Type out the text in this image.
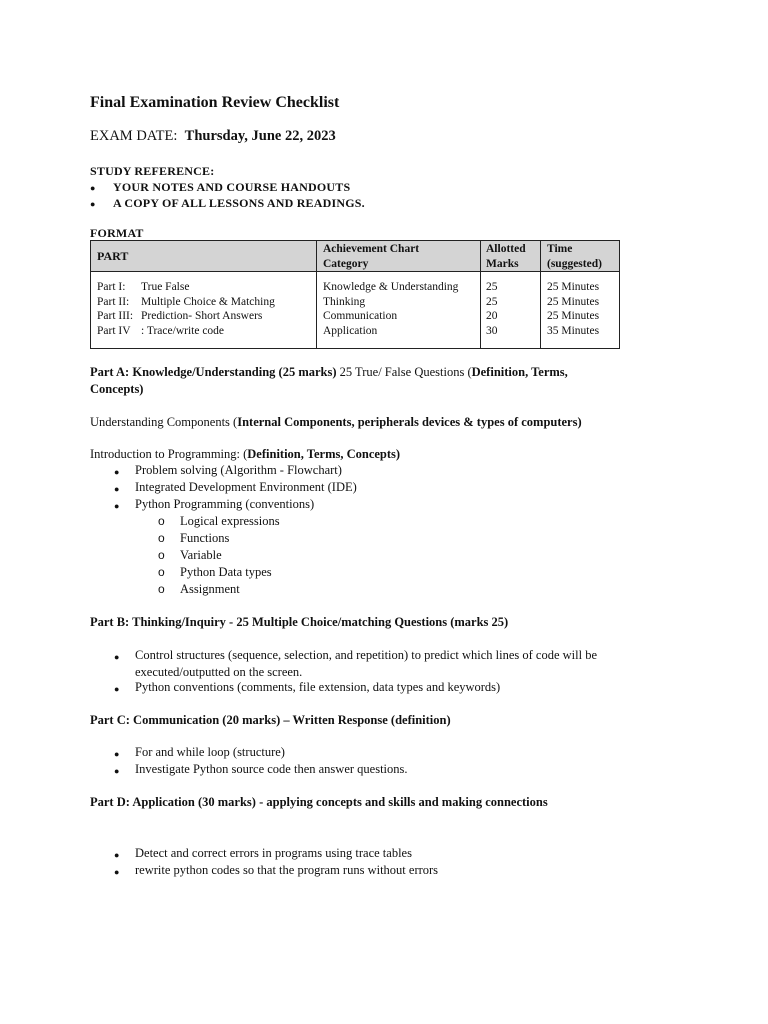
Final Examination Review Checklist
EXAM DATE: Thursday, June 22, 2023
STUDY REFERENCE:
● YOUR NOTES AND COURSE HANDOUTS
● A COPY OF ALL LESSONS AND READINGS.
FORMAT
PART	Achievement Chart
Category
Allotted
Marks
Time
(suggested)
Part I: True False
Part II: Multiple Choice & Matching
Part III: Prediction- Short Answers
Part IV : Trace/write code
Knowledge & Understanding
Thinking
Communication
Application
25
25
20
30
25 Minutes
25 Minutes
25 Minutes
35 Minutes
Part A: Knowledge/Understanding (25 marks) 25 True/ False Questions (Definition, Terms,
Concepts)
Understanding Components (Internal Components, peripherals devices & types of computers)
Introduction to Programming: (Definition, Terms, Concepts)
● Problem solving (Algorithm - Flowchart)
● Integrated Development Environment (IDE)
● Python Programming (conventions)
o Logical expressions
o Functions
o Variable
o Python Data types
o Assignment
Part B: Thinking/Inquiry - 25 Multiple Choice/matching Questions (marks 25)
● Control structures (sequence, selection, and repetition) to predict which lines of code will be
executed/outputted on the screen.
● Python conventions (comments, file extension, data types and keywords)
Part C: Communication (20 marks) – Written Response (definition)
● For and while loop (structure)
● Investigate Python source code then answer questions.
Part D: Application (30 marks) - applying concepts and skills and making connections
● Detect and correct errors in programs using trace tables
● rewrite python codes so that the program runs without errors
